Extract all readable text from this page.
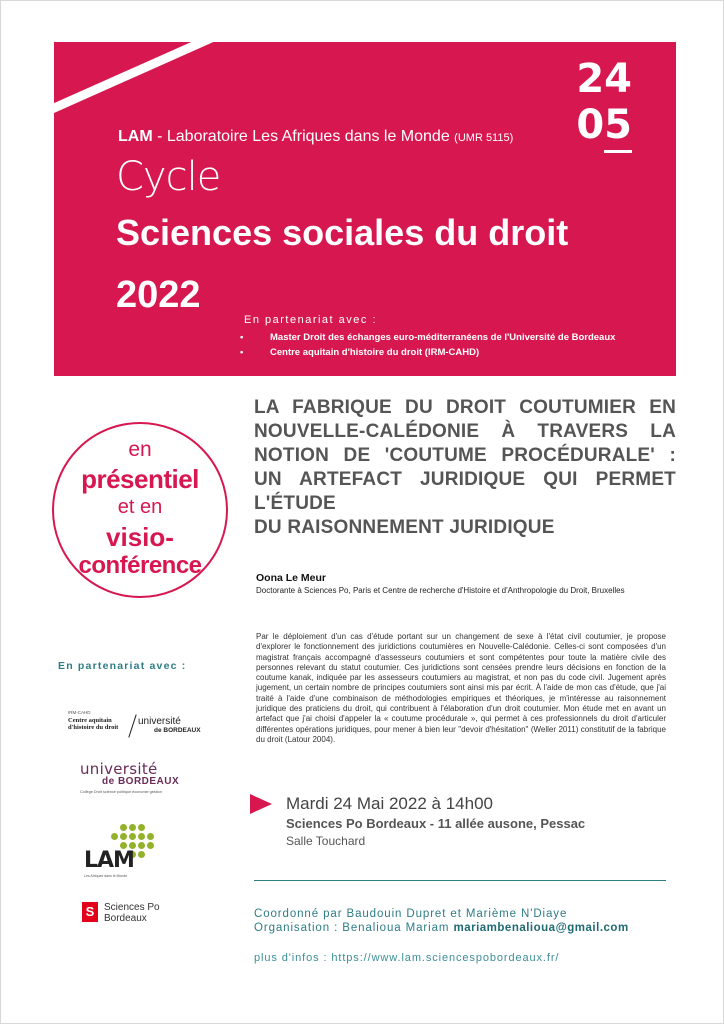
LAM - Laboratoire Les Afriques dans le Monde (UMR 5115)
Cycle
Sciences sociales du droit
2022
24
05
En partenariat avec :
•	Master Droit des échanges euro-méditerranéens de l'Université de Bordeaux
•	Centre aquitain d'histoire du droit (IRM-CAHD)
LA FABRIQUE DU DROIT COUTUMIER EN
NOUVELLE-CALÉDONIE À TRAVERS LA
NOTION DE 'COUTUME PROCÉDURALE' :
UN ARTEFACT JURIDIQUE QUI PERMET L'ÉTUDE
DU RAISONNEMENT JURIDIQUE
en
présentiel
et en
visio-
conférence	Oona Le Meur
Doctorante à Sciences Po, Paris et Centre de recherche d'Histoire et d'Anthropologie du Droit, Bruxelles
Par le déploiement d'un cas d'étude portant sur un changement de sexe à l'état civil coutumier, je propose d'explorer le fonctionnement des juridictions coutumières en Nouvelle-Calédonie. Celles-ci sont composées d'un magistrat français accompagné d'assesseurs coutumiers et sont compétentes pour toute la matière civile des personnes relevant du statut coutumier. Ces juridictions sont censées prendre leurs décisions en fonction de la coutume kanak, indiquée par les assesseurs coutumiers au magistrat, et non pas du code civil. Jugement après jugement, un certain nombre de principes coutumiers sont ainsi mis par écrit. À l'aide de mon cas d'étude, que j'ai traité à l'aide d'une combinaison de méthodologies empiriques et théoriques, je m'intéresse au raisonnement juridique des praticiens du droit, qui contribuent à l'élaboration d'un droit coutumier. Mon étude met en avant un artefact que j'ai choisi d'appeler la « coutume procédurale », qui permet à ces professionnels du droit d'articuler différentes opérations juridiques, pour mener à bien leur "devoir d'hésitation" (Weller 2011) constitutif de la fabrique du droit (Latour 2004).
En partenariat avec :
IRM-CAHD
Centre aquitain
d'histoire du droit
université
de BORDEAUX
université
de BORDEAUX
Collège Droit science politique économie gestion
LAM
Les Afriques dans le Monde
S Sciences Po
Bordeaux
Mardi 24 Mai 2022 à 14h00
Sciences Po Bordeaux - 11 allée ausone, Pessac
Salle Touchard
Coordonné par Baudouin Dupret et Marième N'Diaye
Organisation : Benalioua Mariam mariambenalioua@gmail.com
plus d'infos : https://www.lam.sciencespobordeaux.fr/
